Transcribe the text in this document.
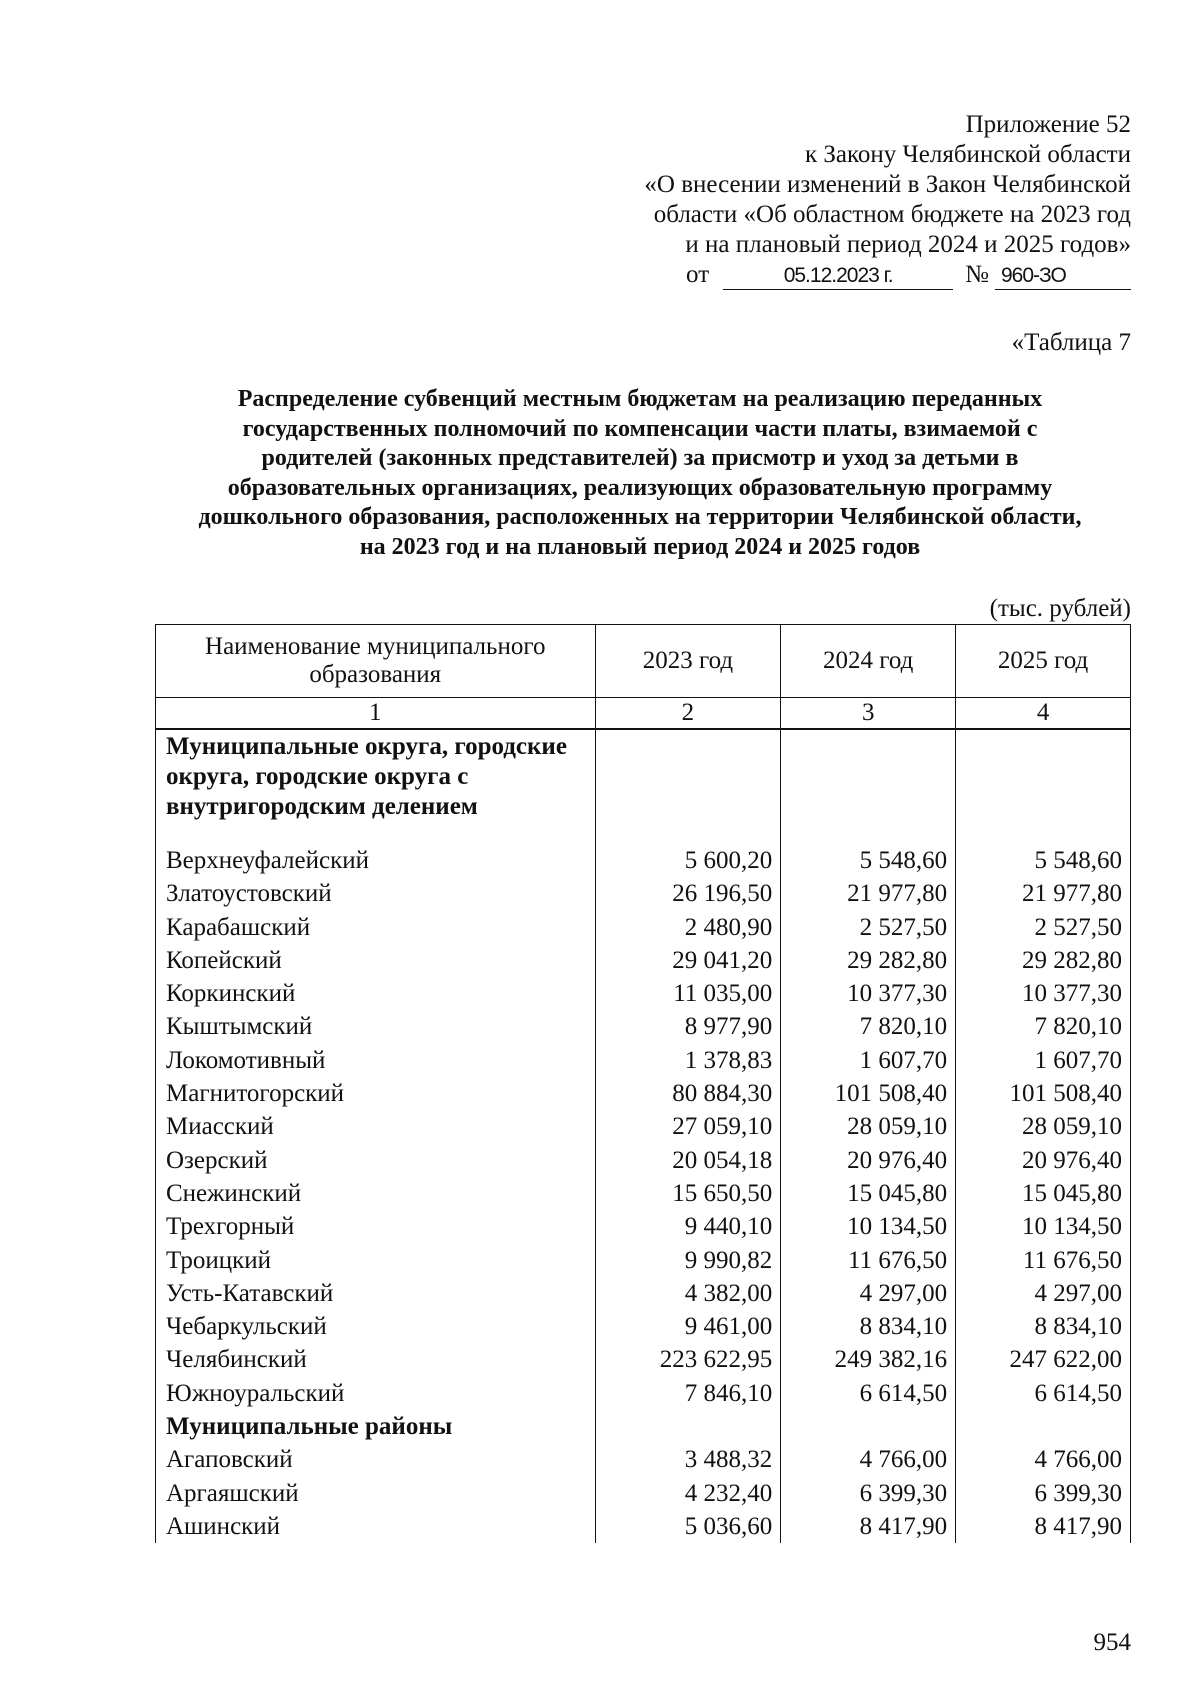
Приложение 52
к Закону Челябинской области
«О внесении изменений в Закон Челябинской
области «Об областном бюджете на 2023 год
и на плановый период 2024 и 2025 годов»
от	05.12.2023 г.	№ 960-ЗО
«Таблица 7
Распределение субвенций местным бюджетам на реализацию переданных
государственных полномочий по компенсации части платы, взимаемой с
родителей (законных представителей) за присмотр и уход за детьми в
образовательных организациях, реализующих образовательную программу
дошкольного образования, расположенных на территории Челябинской области,
на 2023 год и на плановый период 2024 и 2025 годов
(тыс. рублей)
Наименование муниципального образования	2023 год	2024 год	2025 год
1	2	3	4
Муниципальные округа, городские округа, городские округа с внутригородским делением			
Верхнеуфалейский	5 600,20	5 548,60	5 548,60
Златоустовский	26 196,50	21 977,80	21 977,80
Карабашский	2 480,90	2 527,50	2 527,50
Копейский	29 041,20	29 282,80	29 282,80
Коркинский	11 035,00	10 377,30	10 377,30
Кыштымский	8 977,90	7 820,10	7 820,10
Локомотивный	1 378,83	1 607,70	1 607,70
Магнитогорский	80 884,30	101 508,40	101 508,40
Миасский	27 059,10	28 059,10	28 059,10
Озерский	20 054,18	20 976,40	20 976,40
Снежинский	15 650,50	15 045,80	15 045,80
Трехгорный	9 440,10	10 134,50	10 134,50
Троицкий	9 990,82	11 676,50	11 676,50
Усть-Катавский	4 382,00	4 297,00	4 297,00
Чебаркульский	9 461,00	8 834,10	8 834,10
Челябинский	223 622,95	249 382,16	247 622,00
Южноуральский	7 846,10	6 614,50	6 614,50
Муниципальные районы			
Агаповский	3 488,32	4 766,00	4 766,00
Аргаяшский	4 232,40	6 399,30	6 399,30
Ашинский	5 036,60	8 417,90	8 417,90
954
